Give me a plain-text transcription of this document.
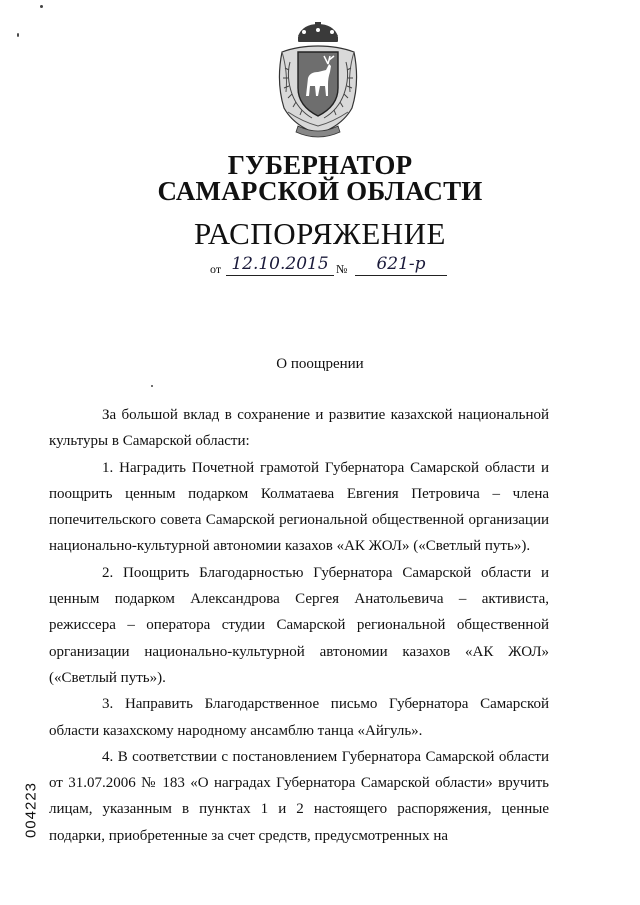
ГУБЕРНАТОР
САМАРСКОЙ ОБЛАСТИ
РАСПОРЯЖЕНИЕ
от 12.10.2015 №	621-р
О поощрении

За большой вклад в сохранение и развитие казахской национальной культуры в Самарской области:

1. Наградить Почетной грамотой Губернатора Самарской области и поощрить ценным подарком Колматаева Евгения Петровича – члена попечительского совета Самарской региональной общественной организации национально-культурной автономии казахов «АК ЖОЛ» («Светлый путь»).

2. Поощрить Благодарностью Губернатора Самарской области и ценным подарком Александрова Сергея Анатольевича – активиста, режиссера – оператора студии Самарской региональной общественной организации национально-культурной автономии казахов «АК ЖОЛ» («Светлый путь»).

3. Направить Благодарственное письмо Губернатора Самарской области казахскому народному ансамблю танца «Айгуль».

4. В соответствии с постановлением Губернатора Самарской области от 31.07.2006 № 183 «О наградах Губернатора Самарской области» вручить лицам, указанным в пунктах 1 и 2 настоящего распоряжения, ценные подарки, приобретенные за счет средств, предусмотренных на

004223
